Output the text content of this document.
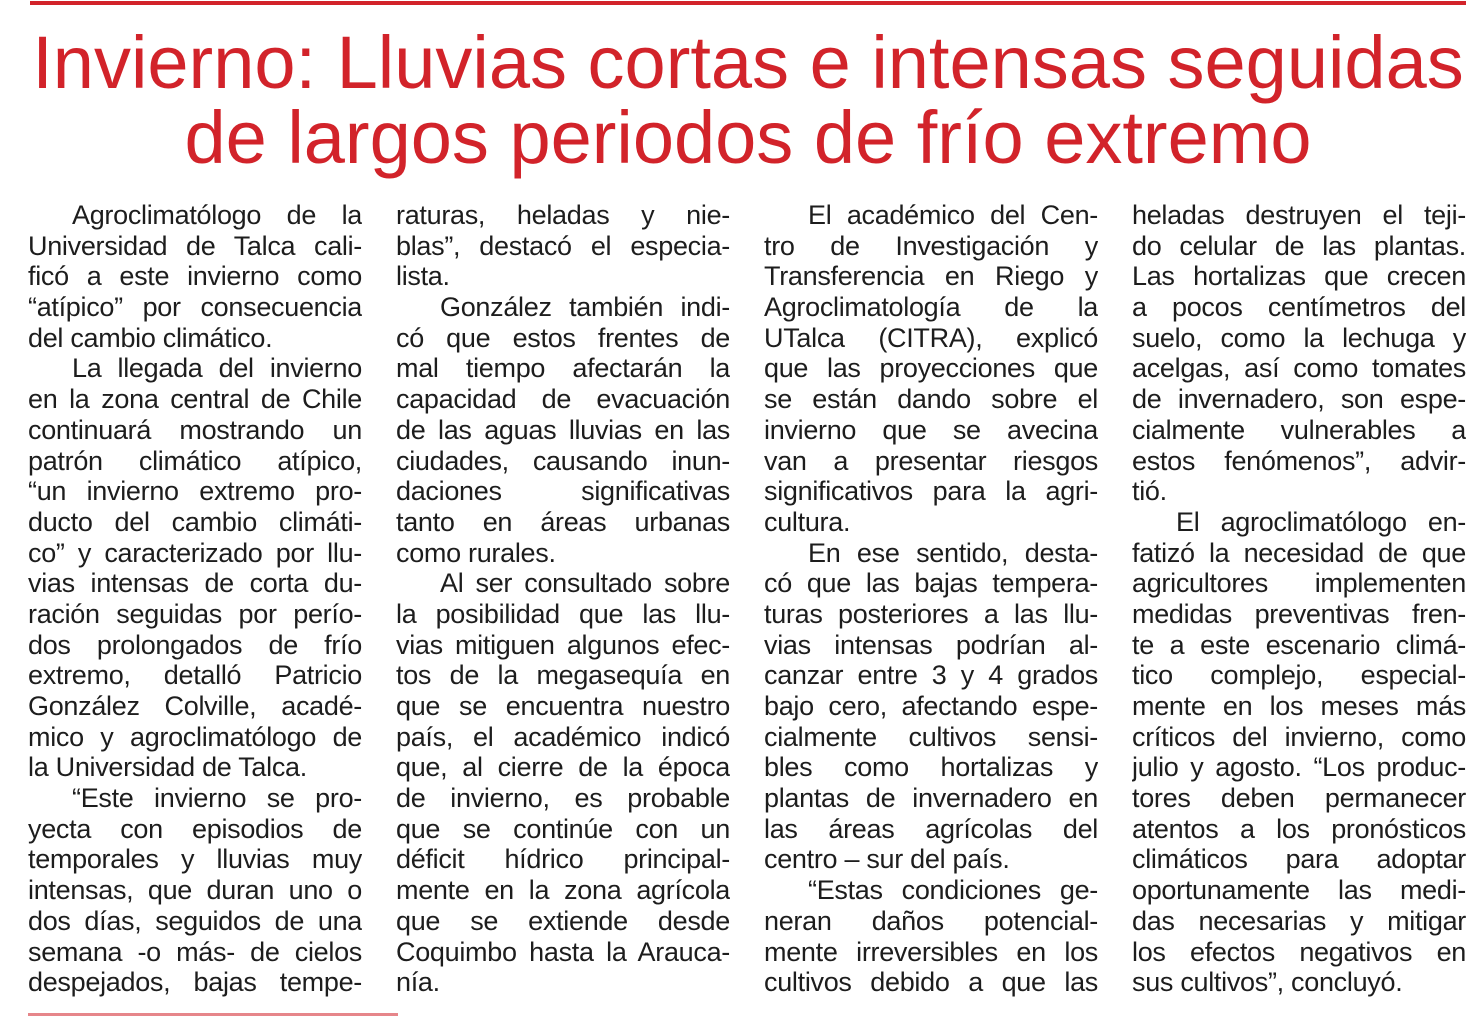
Invierno: Lluvias cortas e intensas seguidas
de largos periodos de frío extremo
Agroclimatólogo de la
Universidad de Talca cali-
ficó a este invierno como
“atípico” por consecuencia
del cambio climático.
La llegada del invierno
en la zona central de Chile
continuará mostrando un
patrón climático atípico,
“un invierno extremo pro-
ducto del cambio climáti-
co” y caracterizado por llu-
vias intensas de corta du-
ración seguidas por perío-
dos prolongados de frío
extremo, detalló Patricio
González Colville, acadé-
mico y agroclimatólogo de
la Universidad de Talca.
“Este invierno se pro-
yecta con episodios de
temporales y lluvias muy
intensas, que duran uno o
dos días, seguidos de una
semana -o más- de cielos
despejados, bajas tempe-
raturas, heladas y nie-
blas”, destacó el especia-
lista.
González también indi-
có que estos frentes de
mal tiempo afectarán la
capacidad de evacuación
de las aguas lluvias en las
ciudades, causando inun-
daciones significativas
tanto en áreas urbanas
como rurales.
Al ser consultado sobre
la posibilidad que las llu-
vias mitiguen algunos efec-
tos de la megasequía en
que se encuentra nuestro
país, el académico indicó
que, al cierre de la época
de invierno, es probable
que se continúe con un
déficit hídrico principal-
mente en la zona agrícola
que se extiende desde
Coquimbo hasta la Arauca-
nía.
El académico del Cen-
tro de Investigación y
Transferencia en Riego y
Agroclimatología de la
UTalca (CITRA), explicó
que las proyecciones que
se están dando sobre el
invierno que se avecina
van a presentar riesgos
significativos para la agri-
cultura.
En ese sentido, desta-
có que las bajas tempera-
turas posteriores a las llu-
vias intensas podrían al-
canzar entre 3 y 4 grados
bajo cero, afectando espe-
cialmente cultivos sensi-
bles como hortalizas y
plantas de invernadero en
las áreas agrícolas del
centro – sur del país.
“Estas condiciones ge-
neran daños potencial-
mente irreversibles en los
cultivos debido a que las
heladas destruyen el teji-
do celular de las plantas.
Las hortalizas que crecen
a pocos centímetros del
suelo, como la lechuga y
acelgas, así como tomates
de invernadero, son espe-
cialmente vulnerables a
estos fenómenos”, advir-
tió.
El agroclimatólogo en-
fatizó la necesidad de que
agricultores implementen
medidas preventivas fren-
te a este escenario climá-
tico complejo, especial-
mente en los meses más
críticos del invierno, como
julio y agosto. “Los produc-
tores deben permanecer
atentos a los pronósticos
climáticos para adoptar
oportunamente las medi-
das necesarias y mitigar
los efectos negativos en
sus cultivos”, concluyó.
